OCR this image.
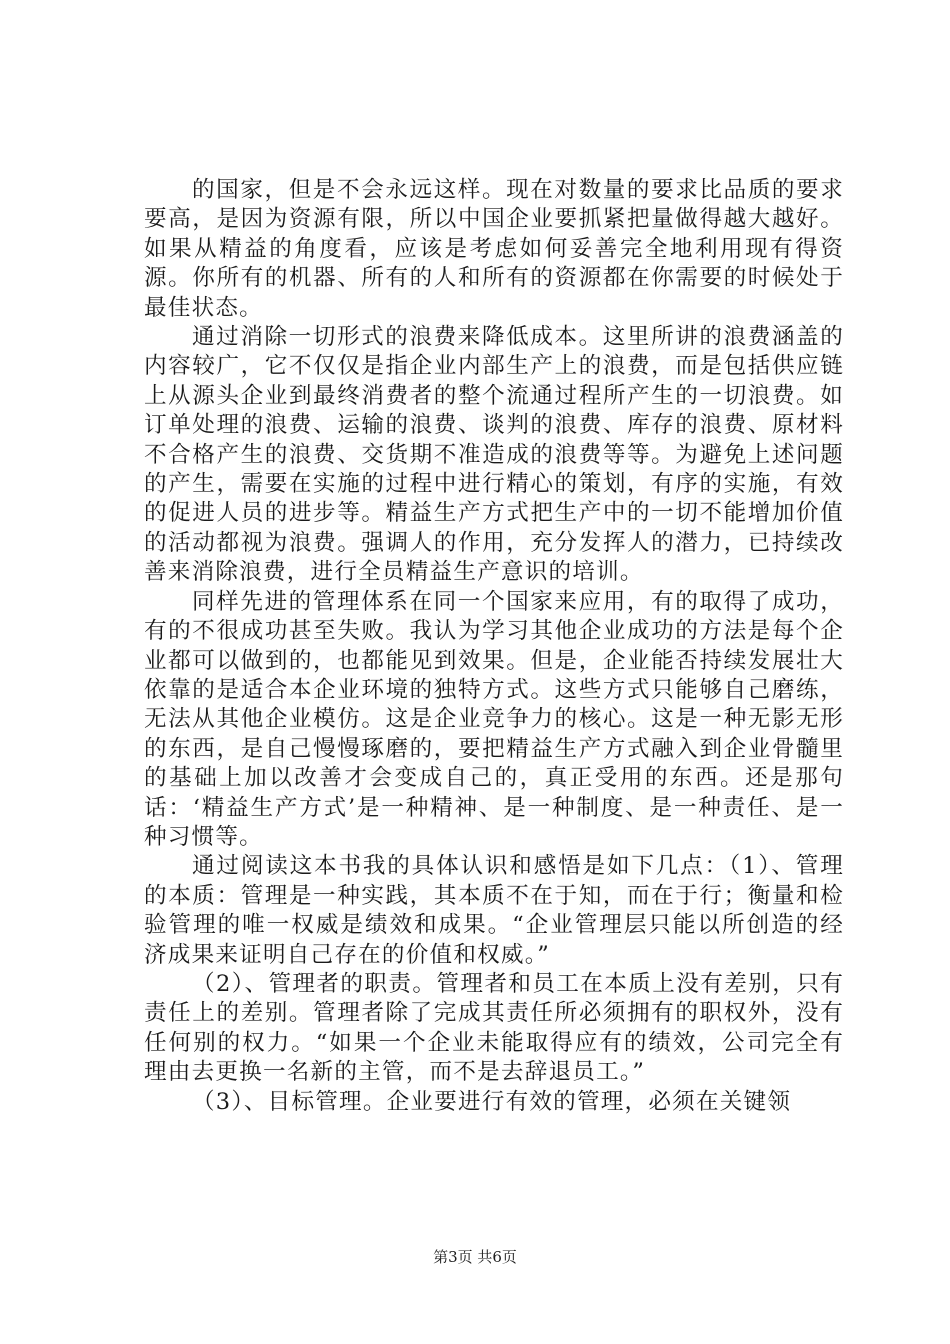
的国家，但是不会永远这样。现在对数量的要求比品质的要求要高，是因为资源有限，所以中国企业要抓紧把量做得越大越好。如果从精益的角度看，应该是考虑如何妥善完全地利用现有得资源。你所有的机器、所有的人和所有的资源都在你需要的时候处于最佳状态。

通过消除一切形式的浪费来降低成本。这里所讲的浪费涵盖的内容较广，它不仅仅是指企业内部生产上的浪费，而是包括供应链上从源头企业到最终消费者的整个流通过程所产生的一切浪费。如订单处理的浪费、运输的浪费、谈判的浪费、库存的浪费、原材料不合格产生的浪费、交货期不准造成的浪费等等。为避免上述问题的产生，需要在实施的过程中进行精心的策划，有序的实施，有效的促进人员的进步等。精益生产方式把生产中的一切不能增加价值的活动都视为浪费。强调人的作用，充分发挥人的潜力，已持续改善来消除浪费，进行全员精益生产意识的培训。

同样先进的管理体系在同一个国家来应用，有的取得了成功，有的不很成功甚至失败。我认为学习其他企业成功的方法是每个企业都可以做到的，也都能见到效果。但是，企业能否持续发展壮大依靠的是适合本企业环境的独特方式。这些方式只能够自己磨练，无法从其他企业模仿。这是企业竞争力的核心。这是一种无影无形的东西，是自己慢慢琢磨的，要把精益生产方式融入到企业骨髓里的基础上加以改善才会变成自己的，真正受用的东西。还是那句话：‘精益生产方式’是一种精神、是一种制度、是一种责任、是一种习惯等。

通过阅读这本书我的具体认识和感悟是如下几点：（1）、管理的本质：管理是一种实践，其本质不在于知，而在于行；衡量和检验管理的唯一权威是绩效和成果。“企业管理层只能以所创造的经济成果来证明自己存在的价值和权威。”

（2）、管理者的职责。管理者和员工在本质上没有差别，只有责任上的差别。管理者除了完成其责任所必须拥有的职权外，没有任何别的权力。“如果一个企业未能取得应有的绩效，公司完全有理由去更换一名新的主管，而不是去辞退员工。”

（3）、目标管理。企业要进行有效的管理，必须在关键领

第3页 共6页
